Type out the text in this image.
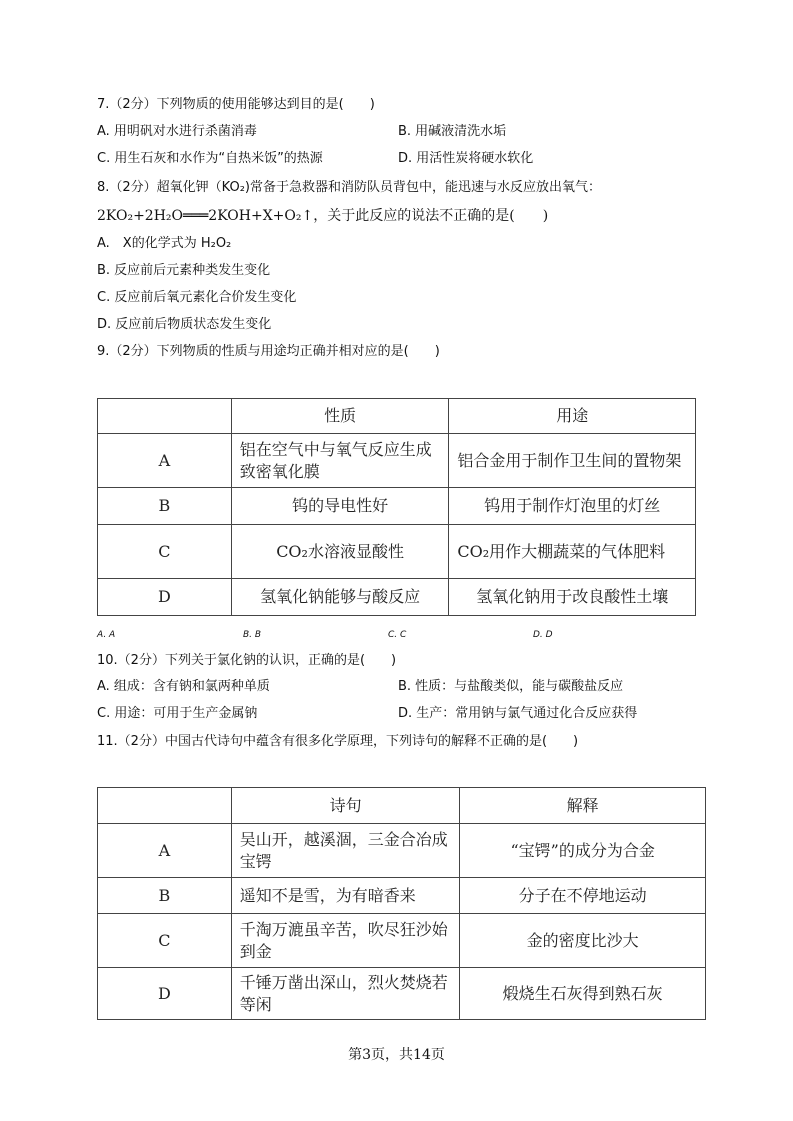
7.（2分）下列物质的使用能够达到目的是(　　)
A. 用明矾对水进行杀菌消毒	B. 用碱液清洗水垢
C. 用生石灰和水作为“自热米饭”的热源	D. 用活性炭将硬水软化
8.（2分）超氧化钾（KO₂)常备于急救器和消防队员背包中，能迅速与水反应放出氧气：
2KO₂+2H₂O═══2KOH+X+O₂↑，关于此反应的说法不正确的是(　　)
A.　X的化学式为 H₂O₂
B. 反应前后元素种类发生变化
C. 反应前后氧元素化合价发生变化
D. 反应前后物质状态发生变化
9.（2分）下列物质的性质与用途均正确并相对应的是(　　)
	性质	用途
A	铝在空气中与氧气反应生成致密氧化膜	铝合金用于制作卫生间的置物架
B	钨的导电性好	钨用于制作灯泡里的灯丝
C	CO₂水溶液显酸性	CO₂用作大棚蔬菜的气体肥料
D	氢氧化钠能够与酸反应	氢氧化钠用于改良酸性土壤
A. A	B. B	C. C	D. D
10.（2分）下列关于氯化钠的认识，正确的是(　　)
A. 组成：含有钠和氯两种单质	B. 性质：与盐酸类似，能与碳酸盐反应
C. 用途：可用于生产金属钠	D. 生产：常用钠与氯气通过化合反应获得
11.（2分）中国古代诗句中蕴含有很多化学原理，下列诗句的解释不正确的是(　　)
	诗句	解释
A	吴山开，越溪涸，三金合冶成宝锷	“宝锷”的成分为合金
B	遥知不是雪，为有暗香来	分子在不停地运动
C	千淘万漉虽辛苦，吹尽狂沙始到金	金的密度比沙大
D	千锤万凿出深山，烈火焚烧若等闲	煅烧生石灰得到熟石灰
第3页，共14页
